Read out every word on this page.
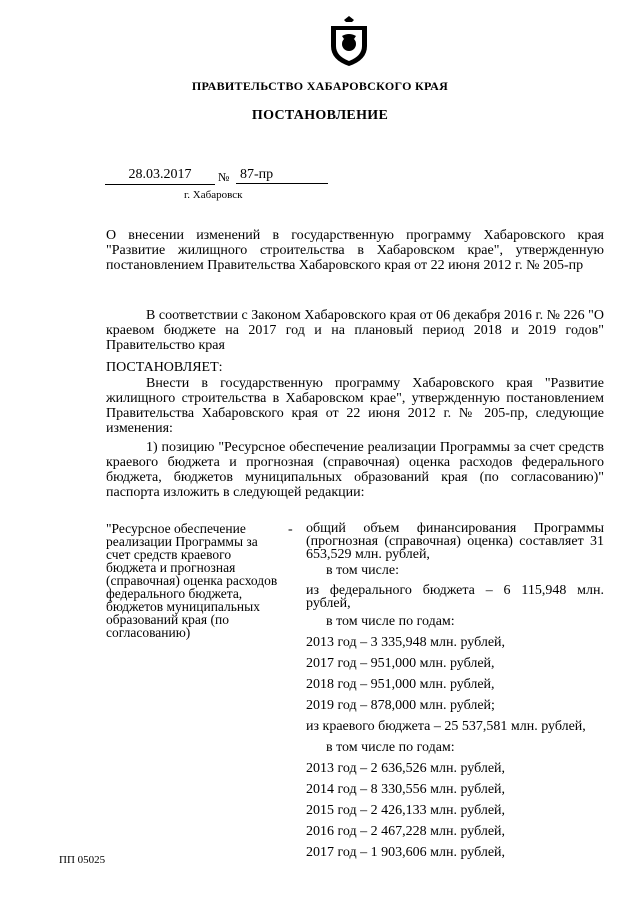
ПРАВИТЕЛЬСТВО ХАБАРОВСКОГО КРАЯ
ПОСТАНОВЛЕНИЕ
28.03.2017	№ 87-пр
г. Хабаровск
О внесении изменений в государственную программу Хабаровского края "Развитие жилищного строительства в Хабаровском крае", утвержденную постановлением Правительства Хабаровского края от 22 июня 2012 г. № 205-пр
В соответствии с Законом Хабаровского края от 06 декабря 2016 г. № 226 "О краевом бюджете на 2017 год и на плановый период 2018 и 2019 годов" Правительство края
ПОСТАНОВЛЯЕТ:
Внести в государственную программу Хабаровского края "Развитие жилищного строительства в Хабаровском крае", утвержденную постановлением Правительства Хабаровского края от 22 июня 2012 г. № 205-пр, следующие изменения:
1) позицию "Ресурсное обеспечение реализации Программы за счет средств краевого бюджета и прогнозная (справочная) оценка расходов федерального бюджета, бюджетов муниципальных образований края (по согласованию)" паспорта изложить в следующей редакции:
"Ресурсное обеспечение реализации Программы за счет средств краевого бюджета и прогнозная (справочная) оценка расходов федерального бюджета, бюджетов муниципальных образований края (по согласованию)
- общий объем финансирования Программы (прогнозная (справочная) оценка) составляет 31 653,529 млн. рублей,
в том числе:
из федерального бюджета – 6 115,948 млн. рублей,
в том числе по годам:
2013 год – 3 335,948 млн. рублей,
2017 год – 951,000 млн. рублей,
2018 год – 951,000 млн. рублей,
2019 год – 878,000 млн. рублей;
из краевого бюджета – 25 537,581 млн. рублей,
в том числе по годам:
2013 год – 2 636,526 млн. рублей,
2014 год – 8 330,556 млн. рублей,
2015 год – 2 426,133 млн. рублей,
2016 год – 2 467,228 млн. рублей,
2017 год – 1 903,606 млн. рублей,
ПП 05025
